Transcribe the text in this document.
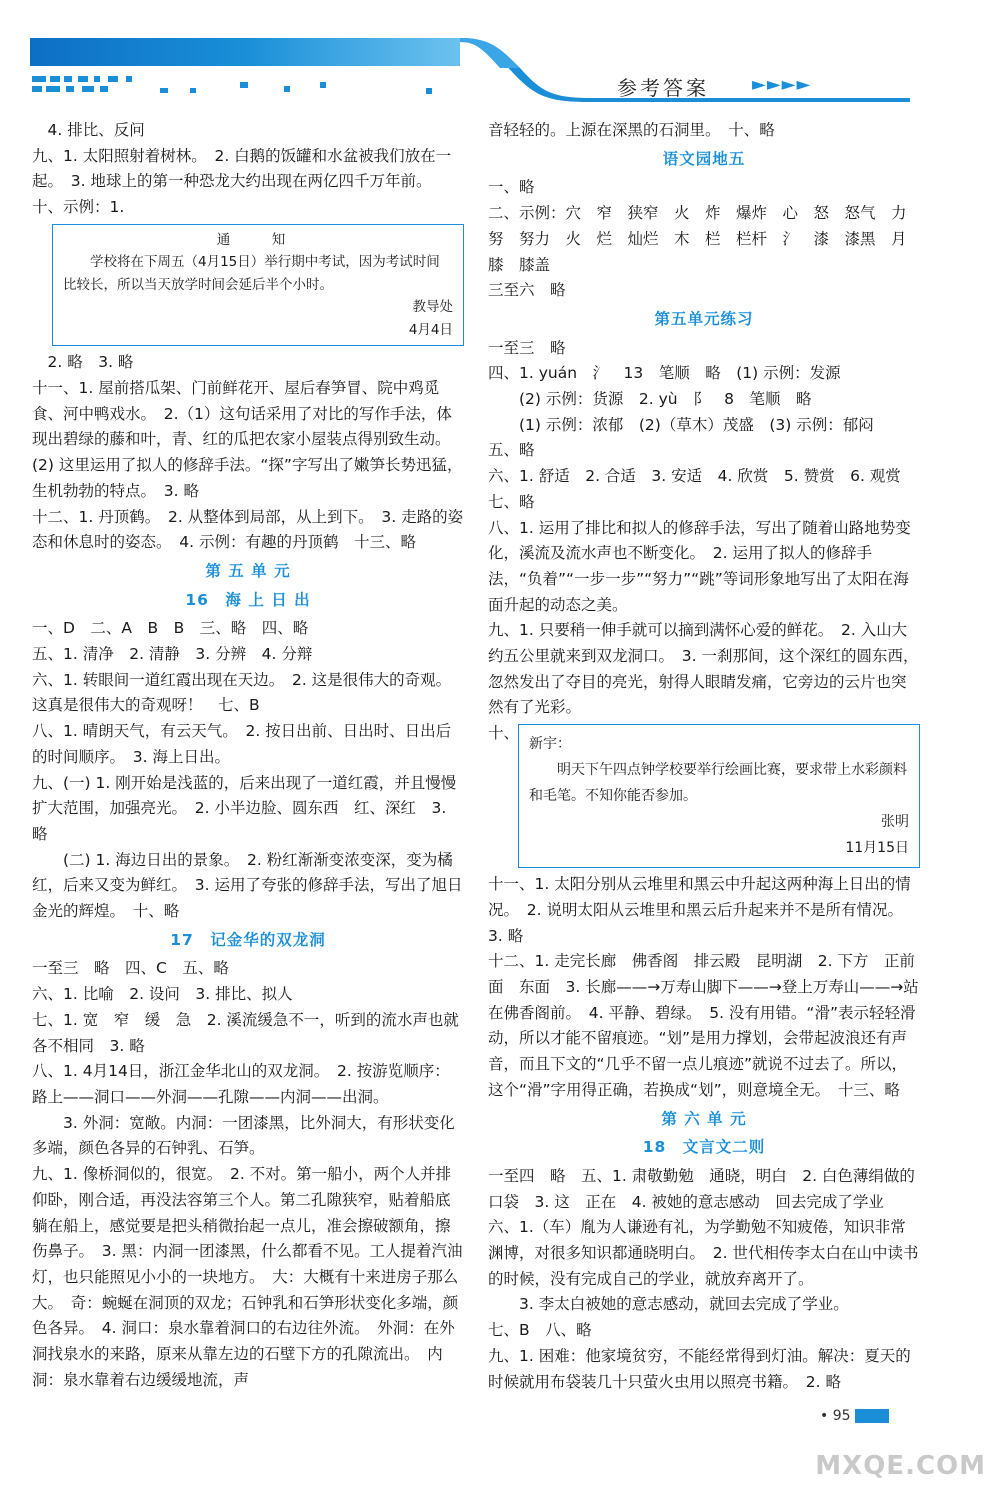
参考答案	►►►►

　4. 排比、反问

九、1. 太阳照射着树林。　2. 白鹅的饭罐和水盆被我们放在一起。　3. 地球上的第一种恐龙大约出现在两亿四千万年前。

十、示例：1.

通　知
学校将在下周五（4月15日）举行期中考试，因为考试时间比较长，所以当天放学时间会延后半个小时。
教导处
4月4日

　2. 略　3. 略

十一、1. 屋前搭瓜架、门前鲜花开、屋后春笋冒、院中鸡觅食、河中鸭戏水。　2.（1）这句话采用了对比的写作手法，体现出碧绿的藤和叶，青、红的瓜把农家小屋装点得别致生动。　(2) 这里运用了拟人的修辞手法。“探”字写出了嫩笋长势迅猛，生机勃勃的特点。　3. 略

十二、1. 丹顶鹤。　2. 从整体到局部，从上到下。　3. 走路的姿态和休息时的姿态。　4. 示例：有趣的丹顶鹤　十三、略

第 五 单 元
16　海 上 日 出

一、D　二、A　B　B　三、略　四、略

五、1. 清净　2. 清静　3. 分辨　4. 分辩

六、1. 转眼间一道红霞出现在天边。　2. 这是很伟大的奇观。　这真是很伟大的奇观呀！　七、B

八、1. 晴朗天气，有云天气。　2. 按日出前、日出时、日出后的时间顺序。　3. 海上日出。

九、(一) 1. 刚开始是浅蓝的，后来出现了一道红霞，并且慢慢扩大范围，加强亮光。　2. 小半边脸、圆东西　红、深红　3. 略

(二) 1. 海边日出的景象。　2. 粉红渐渐变浓变深，变为橘红，后来又变为鲜红。　3. 运用了夸张的修辞手法，写出了旭日金光的辉煌。　十、略

17　记金华的双龙洞

一至三　略　四、C　五、略

六、1. 比喻　2. 设问　3. 排比、拟人

七、1. 宽　窄　缓　急　2. 溪流缓急不一，听到的流水声也就各不相同　3. 略

八、1. 4月14日，浙江金华北山的双龙洞。　2. 按游览顺序：路上——洞口——外洞——孔隙——内洞——出洞。

3. 外洞：宽敞。内洞：一团漆黑，比外洞大，有形状变化多端，颜色各异的石钟乳、石笋。

九、1. 像桥洞似的，很宽。　2. 不对。第一船小，两个人并排仰卧，刚合适，再没法容第三个人。第二孔隙狭窄，贴着船底躺在船上，感觉要是把头稍微抬起一点儿，准会擦破额角，擦伤鼻子。　3. 黑：内洞一团漆黑，什么都看不见。工人提着汽油灯，也只能照见小小的一块地方。　大：大概有十来进房子那么大。　奇：蜿蜒在洞顶的双龙；石钟乳和石笋形状变化多端，颜色各异。　4. 洞口：泉水靠着洞口的右边往外流。　外洞：在外洞找泉水的来路，原来从靠左边的石壁下方的孔隙流出。　内洞：泉水靠着右边缓缓地流，声

音轻轻的。上源在深黑的石洞里。　十、略

语文园地五

一、略

二、示例：穴　窄　狭窄　火　炸　爆炸　心　怒　怒气　力　努　努力　火　烂　灿烂　木　栏　栏杆　氵　漆　漆黑　月　膝　膝盖

三至六　略

第五单元练习

一至三　略

四、1. yuán　氵　13　笔顺　略　(1) 示例：发源

(2) 示例：货源　2. yù　阝　8　笔顺　略

(1) 示例：浓郁　(2)（草木）茂盛　(3) 示例：郁闷

五、略

六、1. 舒适　2. 合适　3. 安适　4. 欣赏　5. 赞赏　6. 观赏

七、略

八、1. 运用了排比和拟人的修辞手法，写出了随着山路地势变化，溪流及流水声也不断变化。　2. 运用了拟人的修辞手法，“负着”“一步一步”“努力”“跳”等词形象地写出了太阳在海面升起的动态之美。

九、1. 只要稍一伸手就可以摘到满怀心爱的鲜花。　2. 入山大约五公里就来到双龙洞口。　3. 一刹那间，这个深红的圆东西，忽然发出了夺目的亮光，射得人眼睛发痛，它旁边的云片也突然有了光彩。

十、
新宇：
明天下午四点钟学校要举行绘画比赛，要求带上水彩颜料和毛笔。不知你能否参加。
张明
11月15日

十一、1. 太阳分别从云堆里和黑云中升起这两种海上日出的情况。　2. 说明太阳从云堆里和黑云后升起来并不是所有情况。　3. 略

十二、1. 走完长廊　佛香阁　排云殿　昆明湖　2. 下方　正前面　东面　3. 长廊——→万寿山脚下——→登上万寿山——→站在佛香阁前。　4. 平静、碧绿。　5. 没有用错。“滑”表示轻轻滑动，所以才能不留痕迹。“划”是用力撑划，会带起波浪还有声音，而且下文的“几乎不留一点儿痕迹”就说不过去了。所以，这个“滑”字用得正确，若换成“划”，则意境全无。　十三、略

第 六 单 元
18　文言文二则

一至四　略　五、1. 肃敬勤勉　通晓，明白　2. 白色薄绢做的口袋　3. 这　正在　4. 被她的意志感动　回去完成了学业

六、1.（车）胤为人谦逊有礼，为学勤勉不知疲倦，知识非常渊博，对很多知识都通晓明白。　2. 世代相传李太白在山中读书的时候，没有完成自己的学业，就放弃离开了。

3. 李太白被她的意志感动，就回去完成了学业。

七、B　八、略

九、1. 困难：他家境贫穷，不能经常得到灯油。解决：夏天的时候就用布袋装几十只萤火虫用以照亮书籍。　2. 略

• 95
MXQE.COM
